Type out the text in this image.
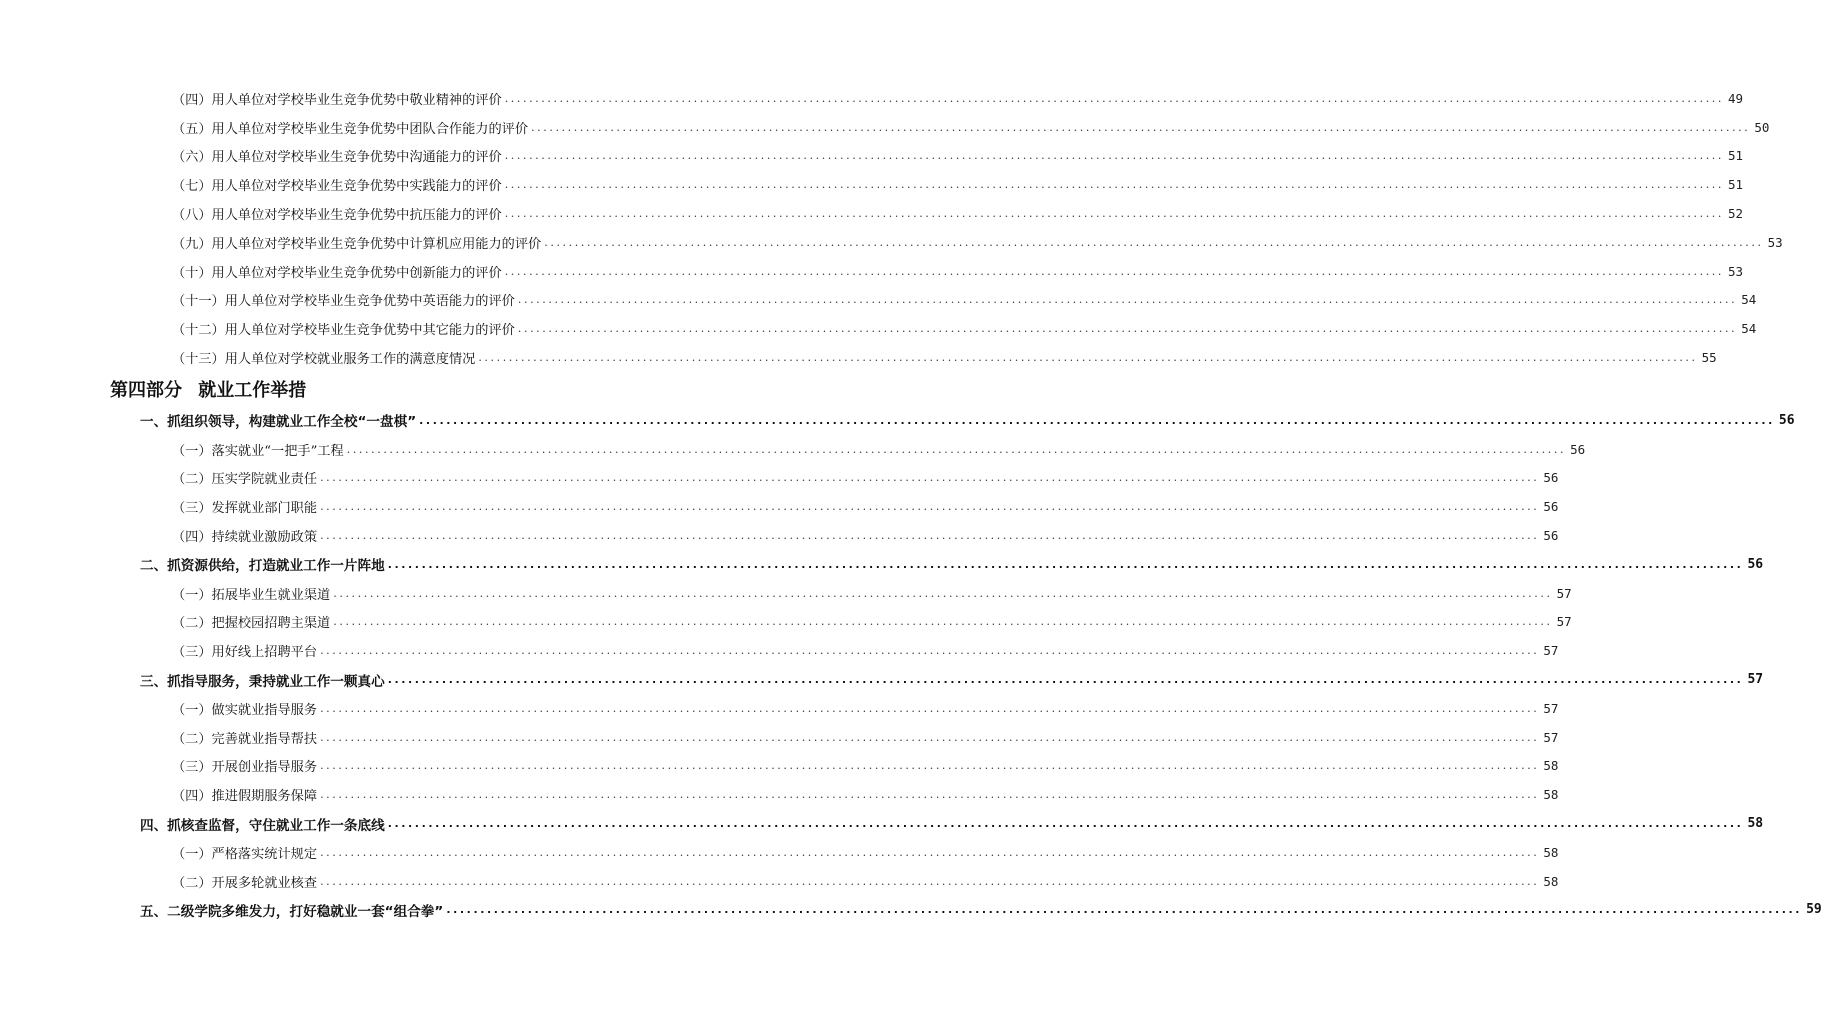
（四）用人单位对学校毕业生竞争优势中敬业精神的评价 ........................................................................................................................................................................................................ 49
（五）用人单位对学校毕业生竞争优势中团队合作能力的评价 ........................................................................................................................................................................................................ 50
（六）用人单位对学校毕业生竞争优势中沟通能力的评价 ........................................................................................................................................................................................................ 51
（七）用人单位对学校毕业生竞争优势中实践能力的评价 ........................................................................................................................................................................................................ 51
（八）用人单位对学校毕业生竞争优势中抗压能力的评价 ........................................................................................................................................................................................................ 52
（九）用人单位对学校毕业生竞争优势中计算机应用能力的评价 ........................................................................................................................................................................................................ 53
（十）用人单位对学校毕业生竞争优势中创新能力的评价 ........................................................................................................................................................................................................ 53
（十一）用人单位对学校毕业生竞争优势中英语能力的评价 ........................................................................................................................................................................................................ 54
（十二）用人单位对学校毕业生竞争优势中其它能力的评价 ........................................................................................................................................................................................................ 54
（十三）用人单位对学校就业服务工作的满意度情况 ........................................................................................................................................................................................................ 55
第四部分 就业工作举措
一、抓组织领导，构建就业工作全校“一盘棋” ........................................................................................................................................................................................................ 56
（一）落实就业“一把手”工程 ........................................................................................................................................................................................................ 56
（二）压实学院就业责任 ........................................................................................................................................................................................................ 56
（三）发挥就业部门职能 ........................................................................................................................................................................................................ 56
（四）持续就业激励政策 ........................................................................................................................................................................................................ 56
二、抓资源供给，打造就业工作一片阵地 ........................................................................................................................................................................................................ 56
（一）拓展毕业生就业渠道 ........................................................................................................................................................................................................ 57
（二）把握校园招聘主渠道 ........................................................................................................................................................................................................ 57
（三）用好线上招聘平台 ........................................................................................................................................................................................................ 57
三、抓指导服务，秉持就业工作一颗真心 ........................................................................................................................................................................................................ 57
（一）做实就业指导服务 ........................................................................................................................................................................................................ 57
（二）完善就业指导帮扶 ........................................................................................................................................................................................................ 57
（三）开展创业指导服务 ........................................................................................................................................................................................................ 58
（四）推进假期服务保障 ........................................................................................................................................................................................................ 58
四、抓核查监督，守住就业工作一条底线 ........................................................................................................................................................................................................ 58
（一）严格落实统计规定 ........................................................................................................................................................................................................ 58
（二）开展多轮就业核查 ........................................................................................................................................................................................................ 58
五、二级学院多维发力，打好稳就业一套“组合拳” ........................................................................................................................................................................................................ 59
